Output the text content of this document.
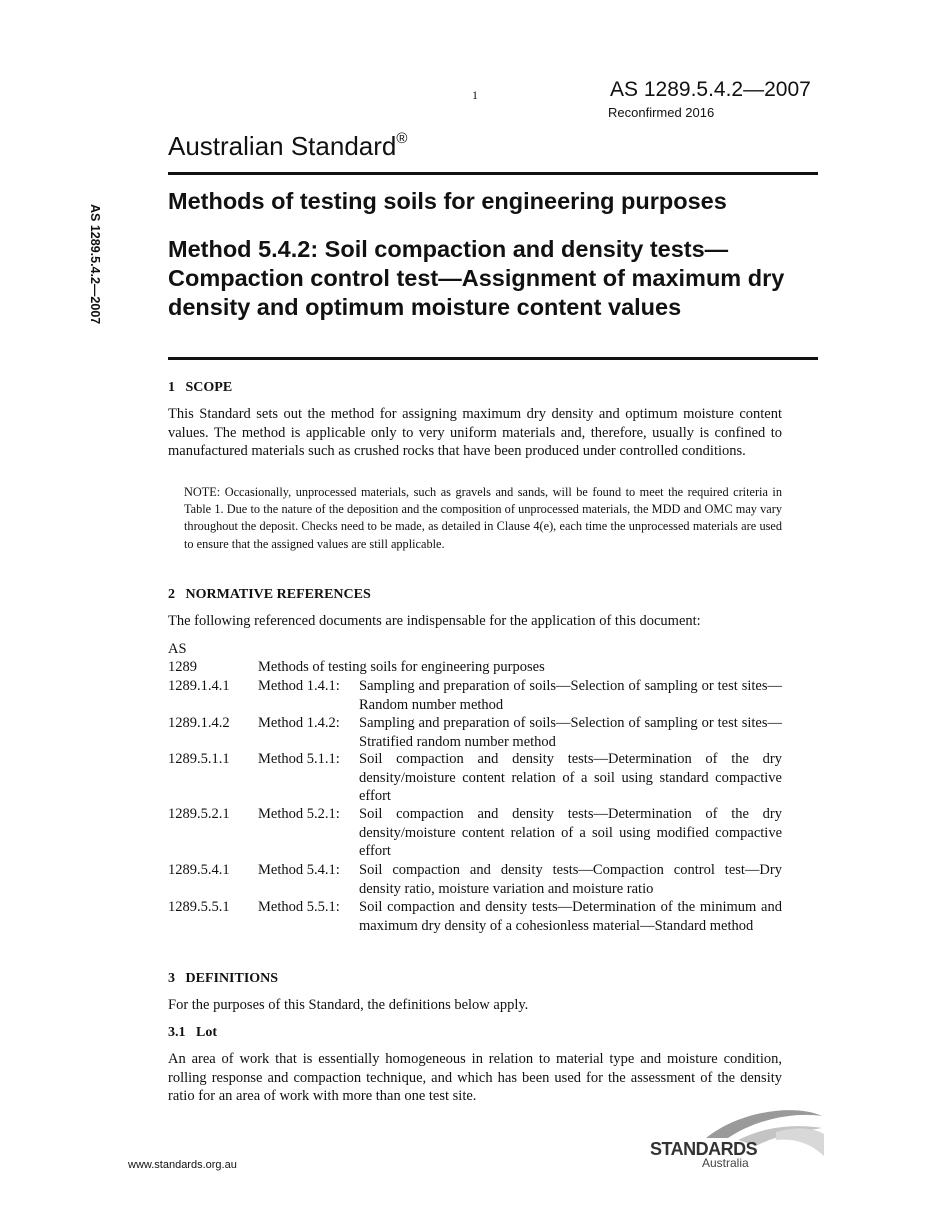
1	AS 1289.5.4.2—2007
Reconfirmed 2016
Australian Standard®
AS 1289.5.4.2—2007
Methods of testing soils for engineering purposes
Method 5.4.2: Soil compaction and density tests—Compaction control test—Assignment of maximum dry density and optimum moisture content values
1   SCOPE
This Standard sets out the method for assigning maximum dry density and optimum moisture content values. The method is applicable only to very uniform materials and, therefore, usually is confined to manufactured materials such as crushed rocks that have been produced under controlled conditions.
NOTE: Occasionally, unprocessed materials, such as gravels and sands, will be found to meet the required criteria in Table 1. Due to the nature of the deposition and the composition of unprocessed materials, the MDD and OMC may vary throughout the deposit. Checks need to be made, as detailed in Clause 4(e), each time the unprocessed materials are used to ensure that the assigned values are still applicable.
2   NORMATIVE REFERENCES
The following referenced documents are indispensable for the application of this document:
AS
1289	Methods of testing soils for engineering purposes
1289.1.4.1 Method 1.4.1: Sampling and preparation of soils—Selection of sampling or test sites—Random number method
1289.1.4.2 Method 1.4.2: Sampling and preparation of soils—Selection of sampling or test sites—Stratified random number method
1289.5.1.1 Method 5.1.1: Soil compaction and density tests—Determination of the dry density/moisture content relation of a soil using standard compactive effort
1289.5.2.1 Method 5.2.1: Soil compaction and density tests—Determination of the dry density/moisture content relation of a soil using modified compactive effort
1289.5.4.1 Method 5.4.1: Soil compaction and density tests—Compaction control test—Dry density ratio, moisture variation and moisture ratio
1289.5.5.1 Method 5.5.1: Soil compaction and density tests—Determination of the minimum and maximum dry density of a cohesionless material—Standard method
3   DEFINITIONS
For the purposes of this Standard, the definitions below apply.
3.1   Lot
An area of work that is essentially homogeneous in relation to material type and moisture condition, rolling response and compaction technique, and which has been used for the assessment of the density ratio for an area of work with more than one test site.
www.standards.org.au
STANDARDS
Australia
